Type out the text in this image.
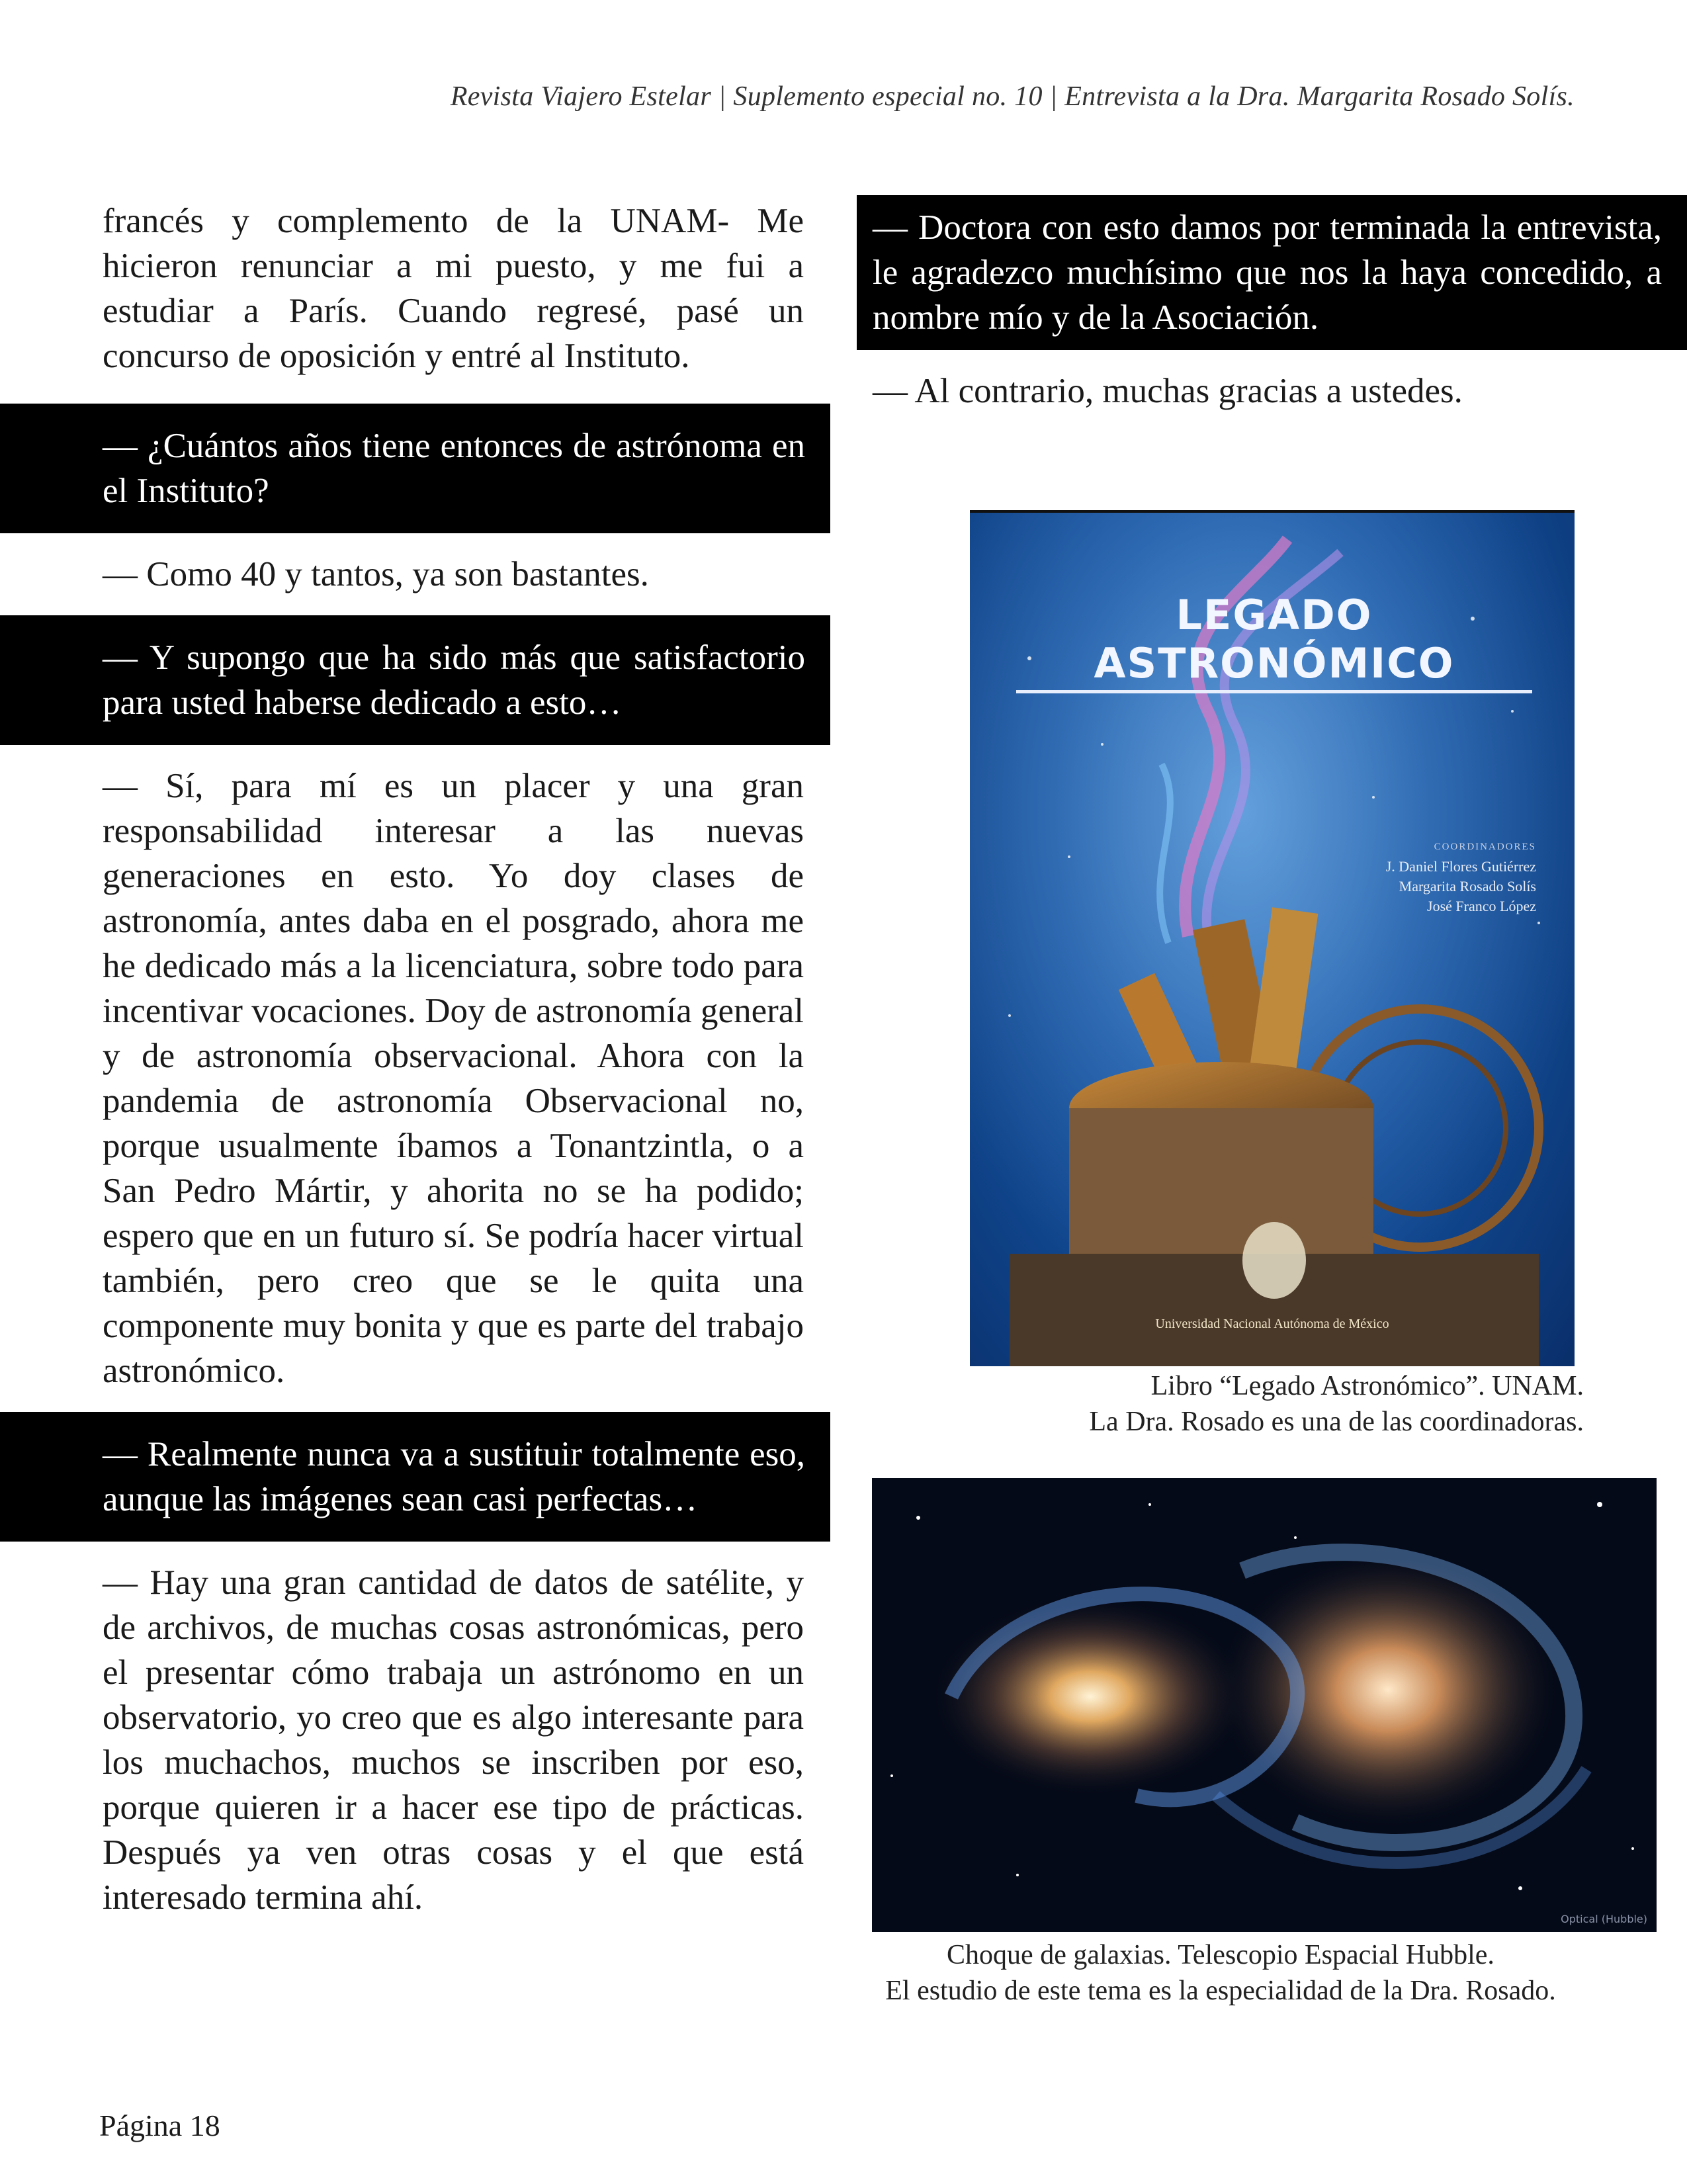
Revista Viajero Estelar | Suplemento especial no. 10 | Entrevista a la Dra. Margarita Rosado Solís.

francés y complemento de la UNAM- Me hicieron renunciar a mi puesto, y me fui a estudiar a París. Cuando regresé, pasé un concurso de oposición y entré al Instituto.

— ¿Cuántos años tiene entonces de astrónoma en el Instituto?

— Como 40 y tantos, ya son bastantes.

— Y supongo que ha sido más que satisfactorio para usted haberse dedicado a esto…

— Sí, para mí es un placer y una gran responsabilidad interesar a las nuevas generaciones en esto. Yo doy clases de astronomía, antes daba en el posgrado, ahora me he dedicado más a la licenciatura, sobre todo para incentivar vocaciones. Doy de astronomía general y de astronomía observacional. Ahora con la pandemia de astronomía Observacional no, porque usualmente íbamos a Tonantzintla, o a San Pedro Mártir, y ahorita no se ha podido; espero que en un futuro sí. Se podría hacer virtual también, pero creo que se le quita una componente muy bonita y que es parte del trabajo astronómico.

— Realmente nunca va a sustituir totalmente eso, aunque las imágenes sean casi perfectas…

— Hay una gran cantidad de datos de satélite, y de archivos, de muchas cosas astronómicas, pero el presentar cómo trabaja un astrónomo en un observatorio, yo creo que es algo interesante para los muchachos, muchos se inscriben por eso, porque quieren ir a hacer ese tipo de prácticas. Después ya ven otras cosas y el que está interesado termina ahí.

— Doctora con esto damos por terminada la entrevista, le agradezco muchísimo que nos la haya concedido, a nombre mío y de la Asociación.

— Al contrario, muchas gracias a ustedes.

LEGADO ASTRONÓMICO
COORDINADORES
J. Daniel Flores Gutiérrez
Margarita Rosado Solís
José Franco López
Universidad Nacional Autónoma de México
Libro “Legado Astronómico”. UNAM.
La Dra. Rosado es una de las coordinadoras.
Optical (Hubble)
Choque de galaxias. Telescopio Espacial Hubble.
El estudio de este tema es la especialidad de la Dra. Rosado.
Página 18
